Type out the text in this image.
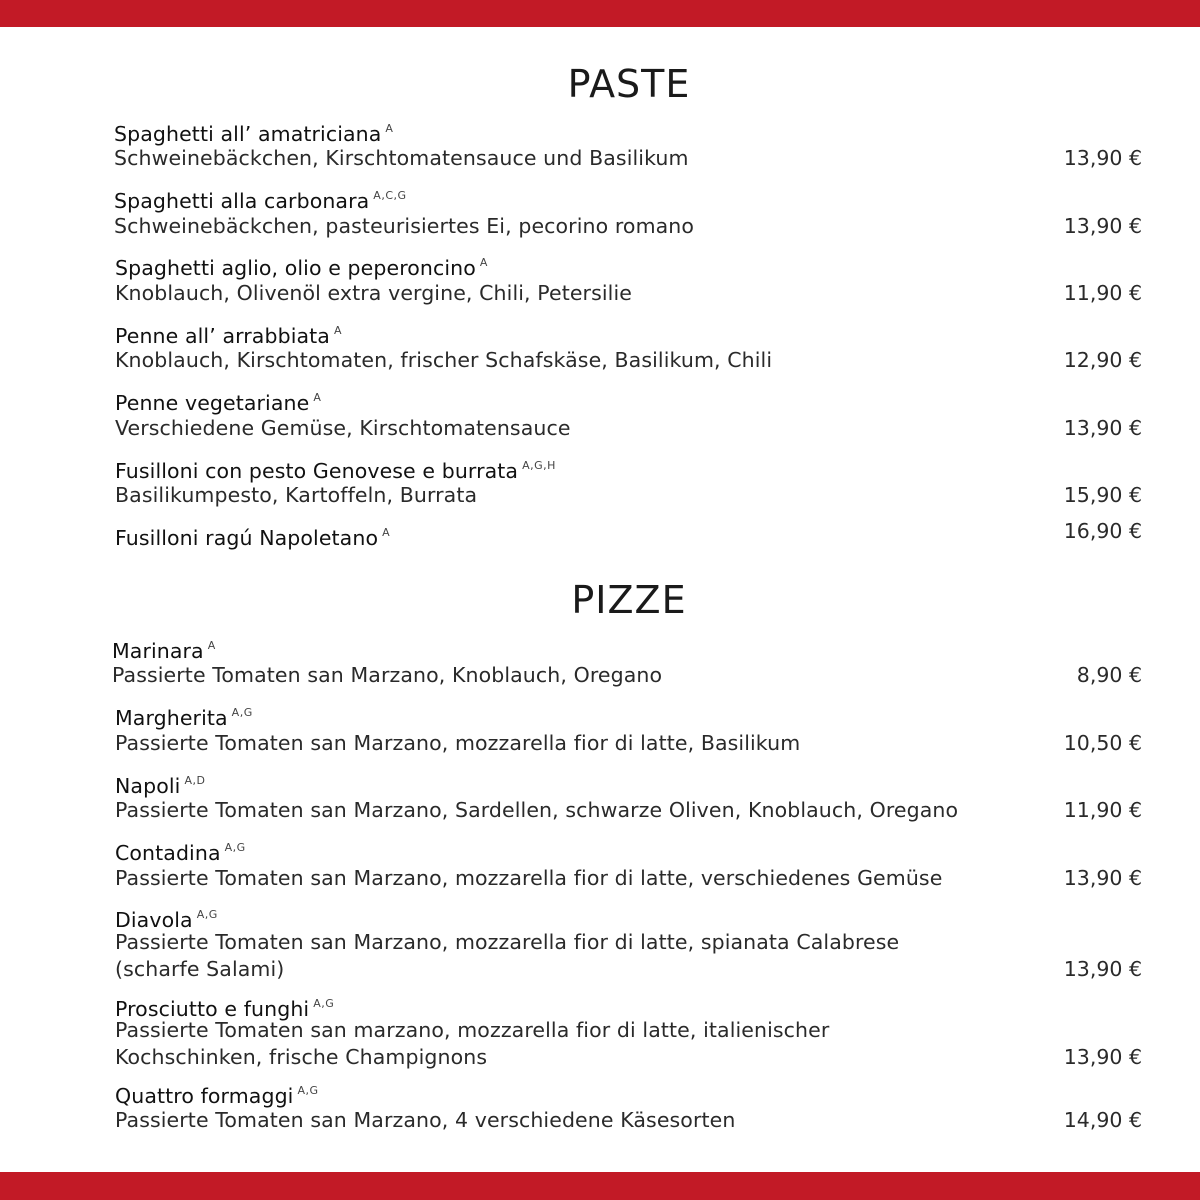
PASTE
Spaghetti all’ amatriciana $^A$
Schweinebäckchen, Kirschtomatensauce und Basilikum	13,90 €
Spaghetti alla carbonara $^{A,C,G}$
Schweinebäckchen, pasteurisiertes Ei, pecorino romano	13,90 €
Spaghetti aglio, olio e peperoncino $^A$
Knoblauch, Olivenöl extra vergine, Chili, Petersilie	11,90 €
Penne all’ arrabbiata $^A$
Knoblauch, Kirschtomaten, frischer Schafskäse, Basilikum, Chili	12,90 €
Penne vegetariane $^A$
Verschiedene Gemüse, Kirschtomatensauce	13,90 €
Fusilloni con pesto Genovese e burrata $^{A,G,H}$
Basilikumpesto, Kartoffeln, Burrata	15,90 €
Fusilloni ragú Napoletano $^A$	16,90 €
PIZZE
Marinara $^A$
Passierte Tomaten san Marzano, Knoblauch, Oregano	8,90 €
Margherita $^{A,G}$
Passierte Tomaten san Marzano, mozzarella fior di latte, Basilikum	10,50 €
Napoli $^{A,D}$
Passierte Tomaten san Marzano, Sardellen, schwarze Oliven, Knoblauch, Oregano	11,90 €
Contadina $^{A,G}$
Passierte Tomaten san Marzano, mozzarella fior di latte, verschiedenes Gemüse	13,90 €
Diavola $^{A,G}$
Passierte Tomaten san Marzano, mozzarella fior di latte, spianata Calabrese
(scharfe Salami)	13,90 €
Prosciutto e funghi $^{A,G}$
Passierte Tomaten san marzano, mozzarella fior di latte, italienischer
Kochschinken, frische Champignons	13,90 €
Quattro formaggi $^{A,G}$
Passierte Tomaten san Marzano, 4 verschiedene Käsesorten	14,90 €
